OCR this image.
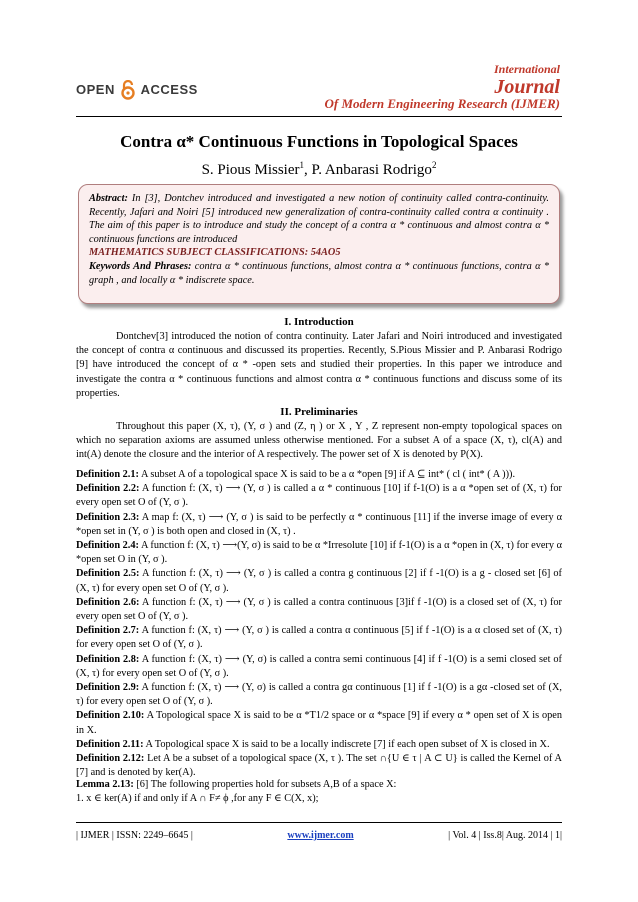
OPEN ACCESS
International
Journal
Of Modern Engineering Research (IJMER)
Contra α* Continuous Functions in Topological Spaces
S. Pious Missier$^1$, P. Anbarasi Rodrigo$^2$
Abstract: In [3], Dontchev introduced and investigated a new notion of continuity called contra-continuity. Recently, Jafari and Noiri [5] introduced new generalization of contra-continuity called contra α continuity . The aim of this paper is to introduce and study the concept of a contra α * continuous and almost contra α * continuous functions are introduced
MATHEMATICS SUBJECT CLASSIFICATIONS: 54AO5
Keywords And Phrases: contra α * continuous functions, almost contra α * continuous functions, contra α * graph , and locally α * indiscrete space.
I. Introduction
Dontchev[3] introduced the notion of contra continuity. Later Jafari and Noiri introduced and investigated the concept of contra α continuous and discussed its properties. Recently, S.Pious Missier and P. Anbarasi Rodrigo [9] have introduced the concept of α * -open sets and studied their properties. In this paper we introduce and investigate the contra α * continuous functions and almost contra α * continuous functions and discuss some of its properties.
II. Preliminaries
Throughout this paper (X, τ), (Y, σ ) and (Z, η ) or X , Y , Z represent non-empty topological spaces on which no separation axioms are assumed unless otherwise mentioned. For a subset A of a space (X, τ), cl(A) and int(A) denote the closure and the interior of A respectively. The power set of X is denoted by P(X).

Definition 2.1: A subset A of a topological space X is said to be a α *open [9] if A ⊆ int* ( cl ( int* ( A ))).

Definition 2.2: A function f: (X, τ) ⟶ (Y, σ ) is called a α * continuous [10] if f-1(O) is a α *open set of (X, τ) for every open set O of (Y, σ ).

Definition 2.3: A map f: (X, τ) ⟶ (Y, σ ) is said to be perfectly α * continuous [11] if the inverse image of every α *open set in (Y, σ ) is both open and closed in (X, τ) .

Definition 2.4: A function f: (X, τ) ⟶(Y, σ) is said to be α *Irresolute [10] if f-1(O) is a α *open in (X, τ) for every α *open set O in (Y, σ ).

Definition 2.5: A function f: (X, τ) ⟶ (Y, σ ) is called a contra g continuous [2] if f -1(O) is a g - closed set [6] of (X, τ) for every open set O of (Y, σ ).

Definition 2.6: A function f: (X, τ) ⟶ (Y, σ ) is called a contra continuous [3]if f -1(O) is a closed set of (X, τ) for every open set O of (Y, σ ).

Definition 2.7: A function f: (X, τ) ⟶ (Y, σ ) is called a contra α continuous [5] if f -1(O) is a α closed set of (X, τ) for every open set O of (Y, σ ).

Definition 2.8: A function f: (X, τ) ⟶ (Y, σ) is called a contra semi continuous [4] if f -1(O) is a semi closed set of (X, τ) for every open set O of (Y, σ ).

Definition 2.9: A function f: (X, τ) ⟶ (Y, σ) is called a contra gα continuous [1] if f -1(O) is a gα -closed set of (X, τ) for every open set O of (Y, σ ).

Definition 2.10: A Topological space X is said to be α *T1/2 space or α *space [9] if every α * open set of X is open in X.

Definition 2.11: A Topological space X is said to be a locally indiscrete [7] if each open subset of X is closed in X.

Definition 2.12: Let A be a subset of a topological space (X, τ ). The set ∩{U ∈ τ | A ⊂ U} is called the Kernel of A [7] and is denoted by ker(A).

Lemma 2.13: [6] The following properties hold for subsets A,B of a space X:
1. x ∈ ker(A) if and only if A ∩ F≠ ϕ ,for any F ∈ C(X, x);
| IJMER | ISSN: 2249–6645 |	www.ijmer.com	| Vol. 4 | Iss.8| Aug. 2014 | 1|
